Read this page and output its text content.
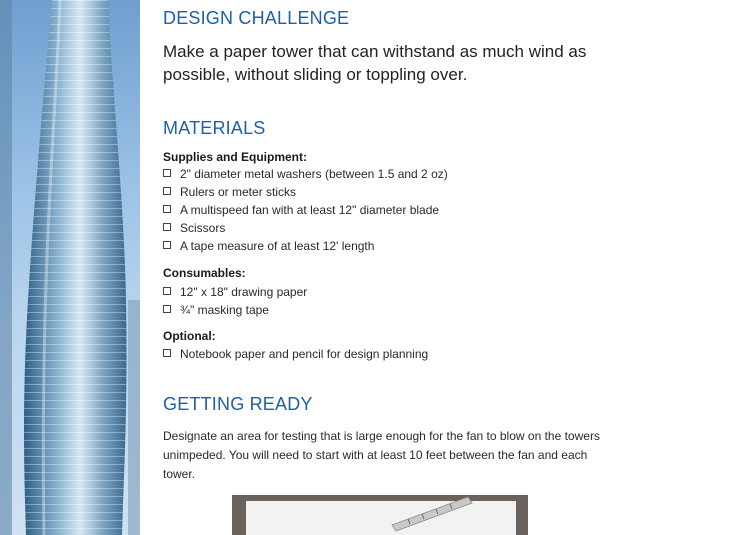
DESIGN CHALLENGE
Make a paper tower that can withstand as much wind as possible, without sliding or toppling over.
MATERIALS
Supplies and Equipment:
2" diameter metal washers (between 1.5 and 2 oz)
Rulers or meter sticks
A multispeed fan with at least 12" diameter blade
Scissors
A tape measure of at least 12' length
Consumables:
12" x 18" drawing paper
¾" masking tape
Optional:
Notebook paper and pencil for design planning
GETTING READY
Designate an area for testing that is large enough for the fan to blow on the towers unimpeded. You will need to start with at least 10 feet between the fan and each tower.
